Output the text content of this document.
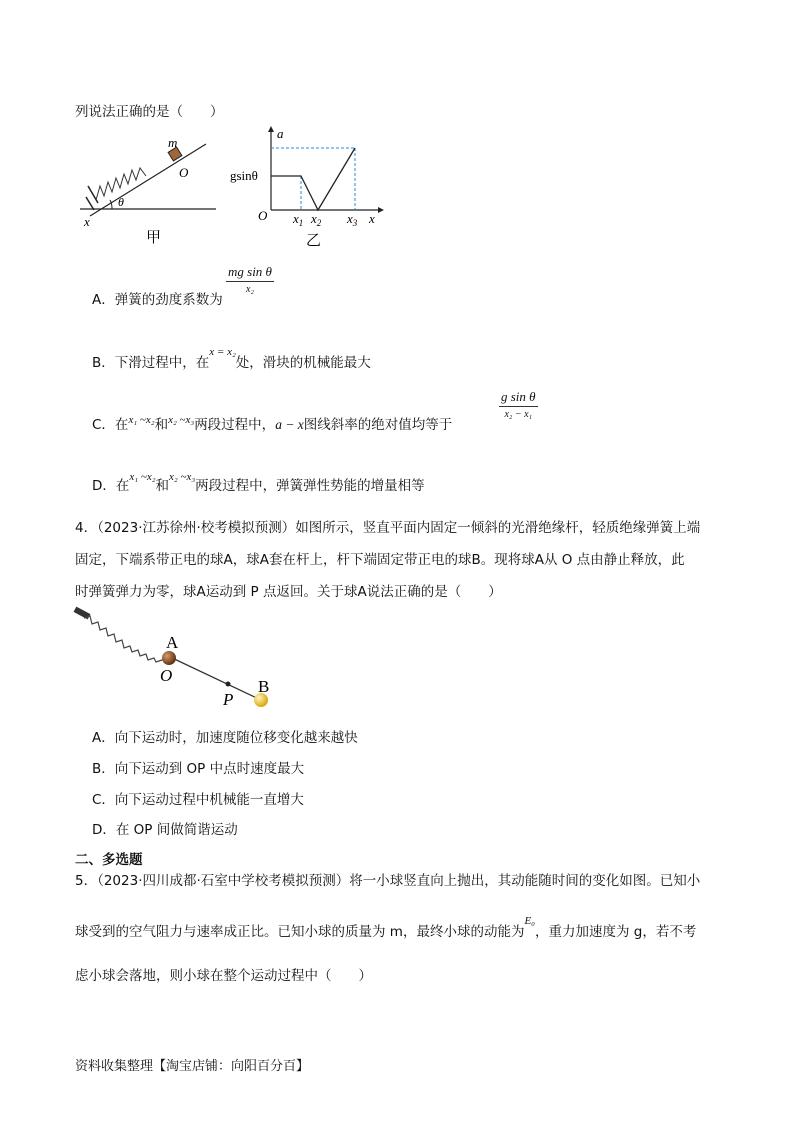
列说法正确的是（　　）
m
O
θ
x
甲
a
gsinθ
O $x_1$ $x_2$ $x_3$ x
乙
A．弹簧的劲度系数为
mg sin θ
x₂
B．下滑过程中，在$^{x = x_2}$处，滑块的机械能最大
C．在$^{x_1 \sim x_2}$和$^{x_2 \sim x_3}$两段过程中，a − x图线斜率的绝对值均等于
g sin θ
x₂ − x₁
D．在$^{x_1 \sim x_2}$和$^{x_2 \sim x_3}$两段过程中，弹簧弹性势能的增量相等
4．（2023·江苏徐州·校考模拟预测）如图所示，竖直平面内固定一倾斜的光滑绝缘杆，轻质绝缘弹簧上端
固定，下端系带正电的球A，球A套在杆上，杆下端固定带正电的球B。现将球A从 O 点由静止释放，此
时弹簧弹力为零，球A运动到 P 点返回。关于球A说法正确的是（　　）
A
O
P
B
A．向下运动时，加速度随位移变化越来越快
B．向下运动到 OP 中点时速度最大
C．向下运动过程中机械能一直增大
D．在 OP 间做简谐运动
二、多选题
5．（2023·四川成都·石室中学校考模拟预测）将一小球竖直向上抛出，其动能随时间的变化如图。已知小
球受到的空气阻力与速率成正比。已知小球的质量为 m，最终小球的动能为$^{E_0}$，重力加速度为 g，若不考
虑小球会落地，则小球在整个运动过程中（　　）
资料收集整理【淘宝店铺：向阳百分百】
